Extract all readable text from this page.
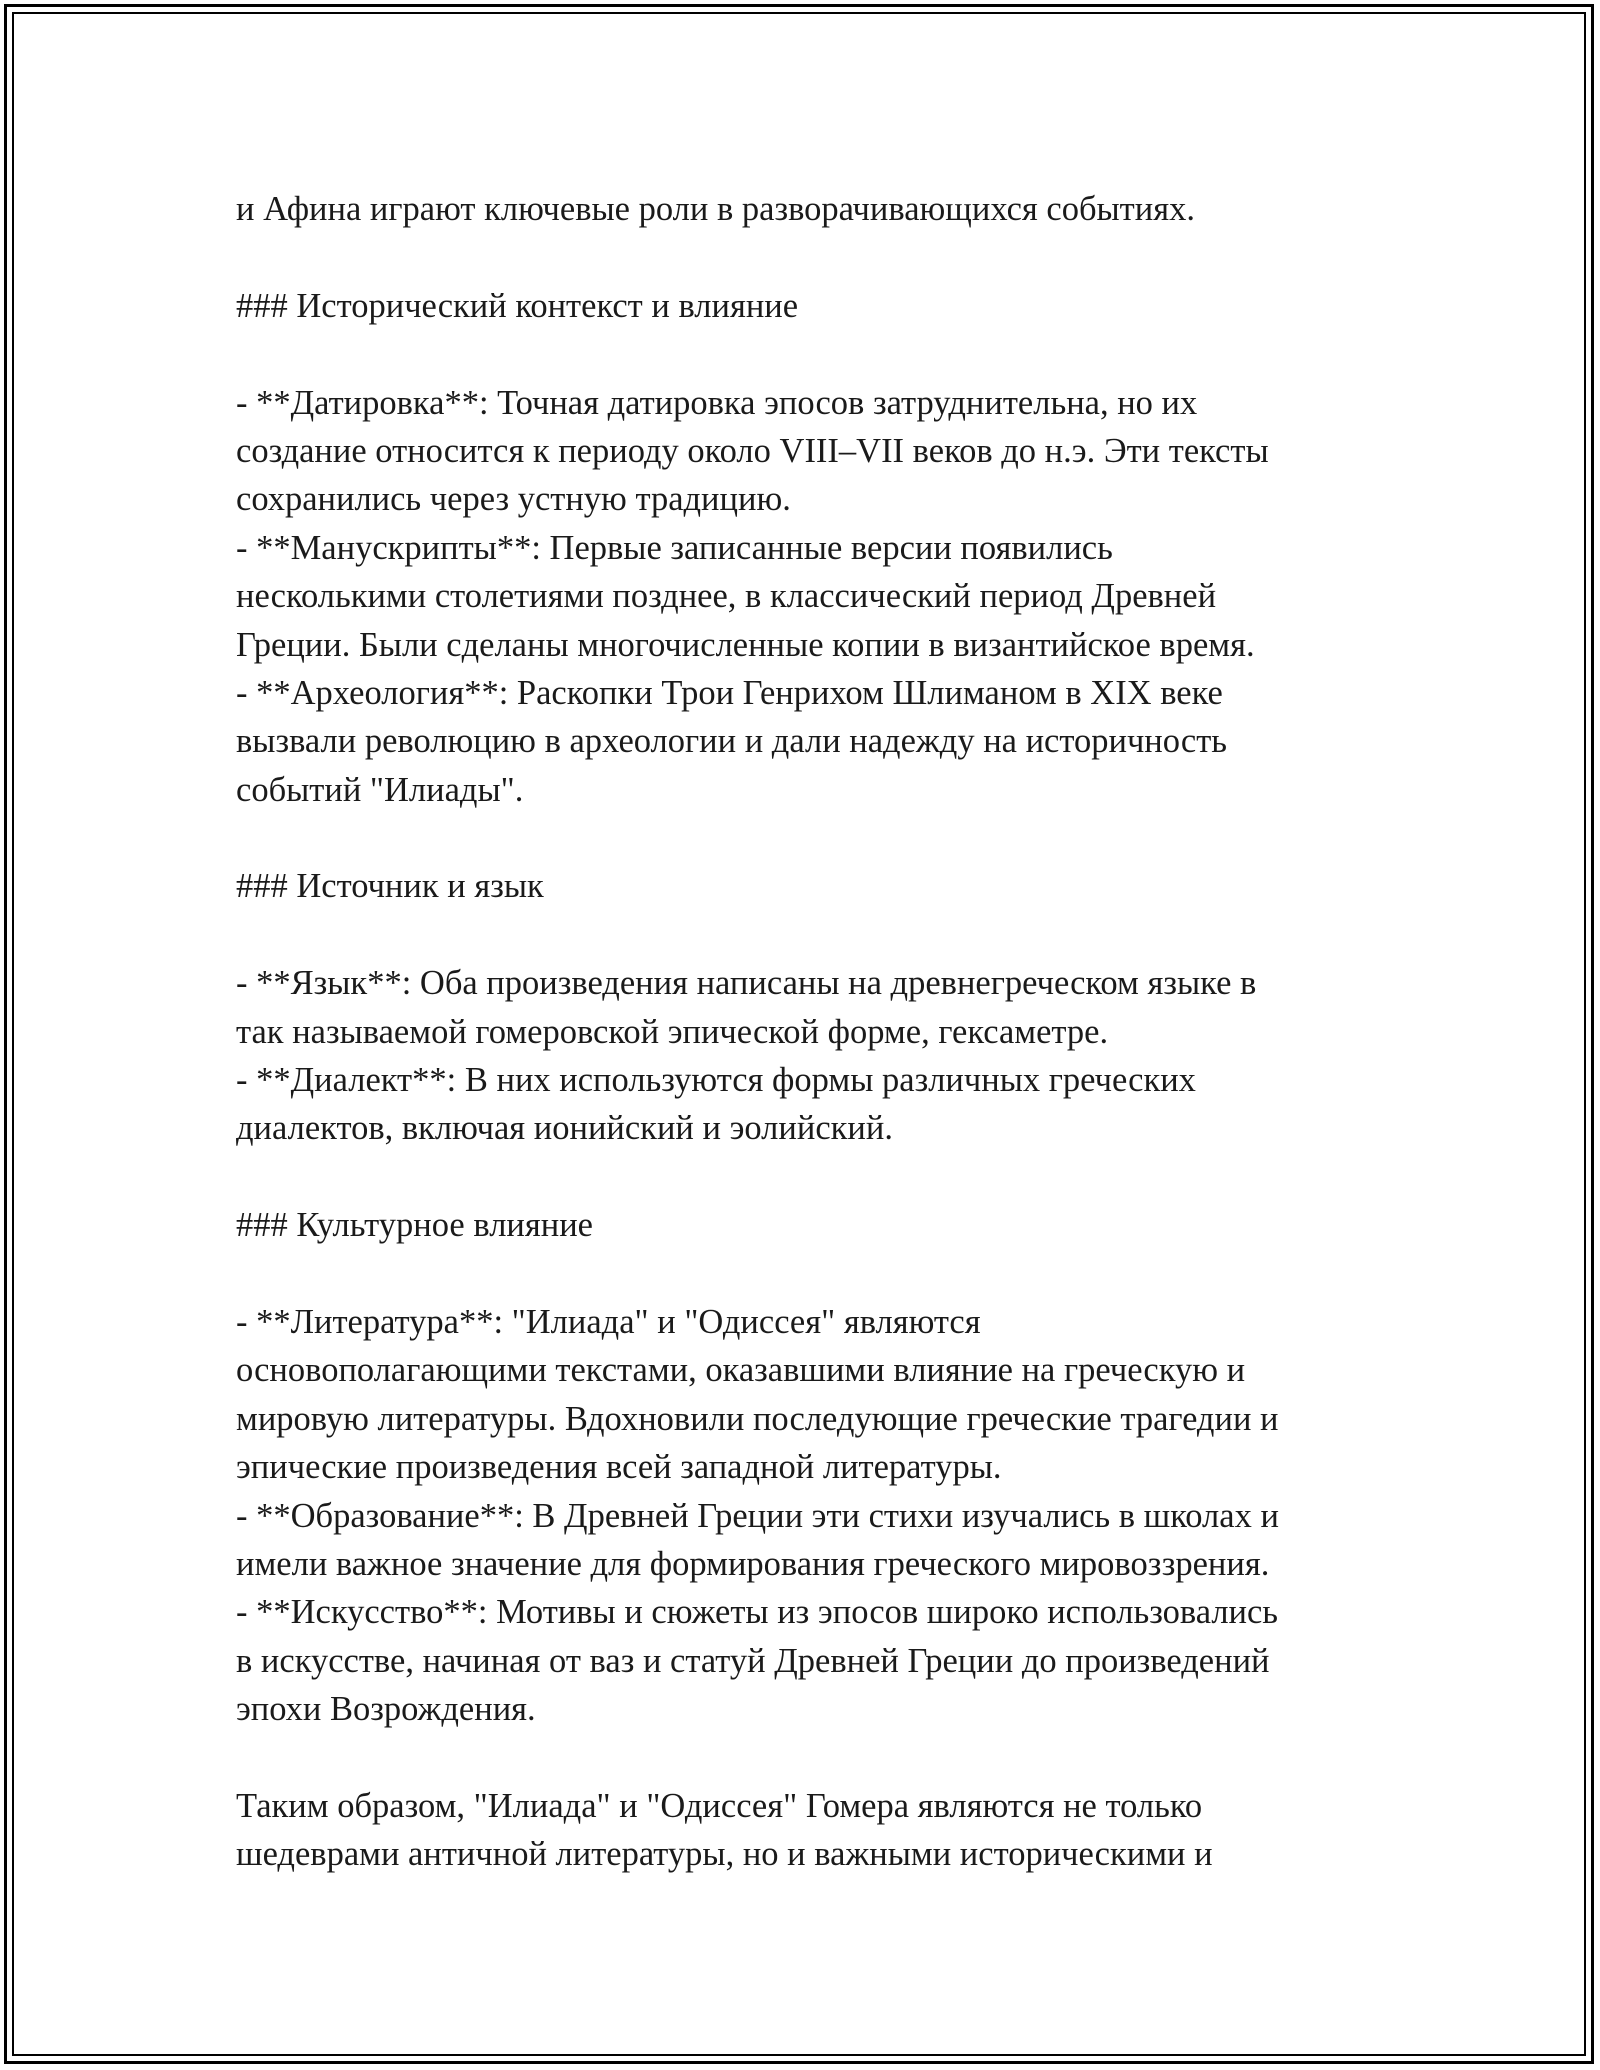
и Афина играют ключевые роли в разворачивающихся событиях.
### Исторический контекст и влияние
- **Датировка**: Точная датировка эпосов затруднительна, но их
создание относится к периоду около VIII–VII веков до н.э. Эти тексты
сохранились через устную традицию.
- **Манускрипты**: Первые записанные версии появились
несколькими столетиями позднее, в классический период Древней
Греции. Были сделаны многочисленные копии в византийское время.
- **Археология**: Раскопки Трои Генрихом Шлиманом в XIX веке
вызвали революцию в археологии и дали надежду на историчность
событий "Илиады".
### Источник и язык
- **Язык**: Оба произведения написаны на древнегреческом языке в
так называемой гомеровской эпической форме, гексаметре.
- **Диалект**: В них используются формы различных греческих
диалектов, включая ионийский и эолийский.
### Культурное влияние
- **Литература**: "Илиада" и "Одиссея" являются
основополагающими текстами, оказавшими влияние на греческую и
мировую литературы. Вдохновили последующие греческие трагедии и
эпические произведения всей западной литературы.
- **Образование**: В Древней Греции эти стихи изучались в школах и
имели важное значение для формирования греческого мировоззрения.
- **Искусство**: Мотивы и сюжеты из эпосов широко использовались
в искусстве, начиная от ваз и статуй Древней Греции до произведений
эпохи Возрождения.
Таким образом, "Илиада" и "Одиссея" Гомера являются не только
шедеврами античной литературы, но и важными историческими и
